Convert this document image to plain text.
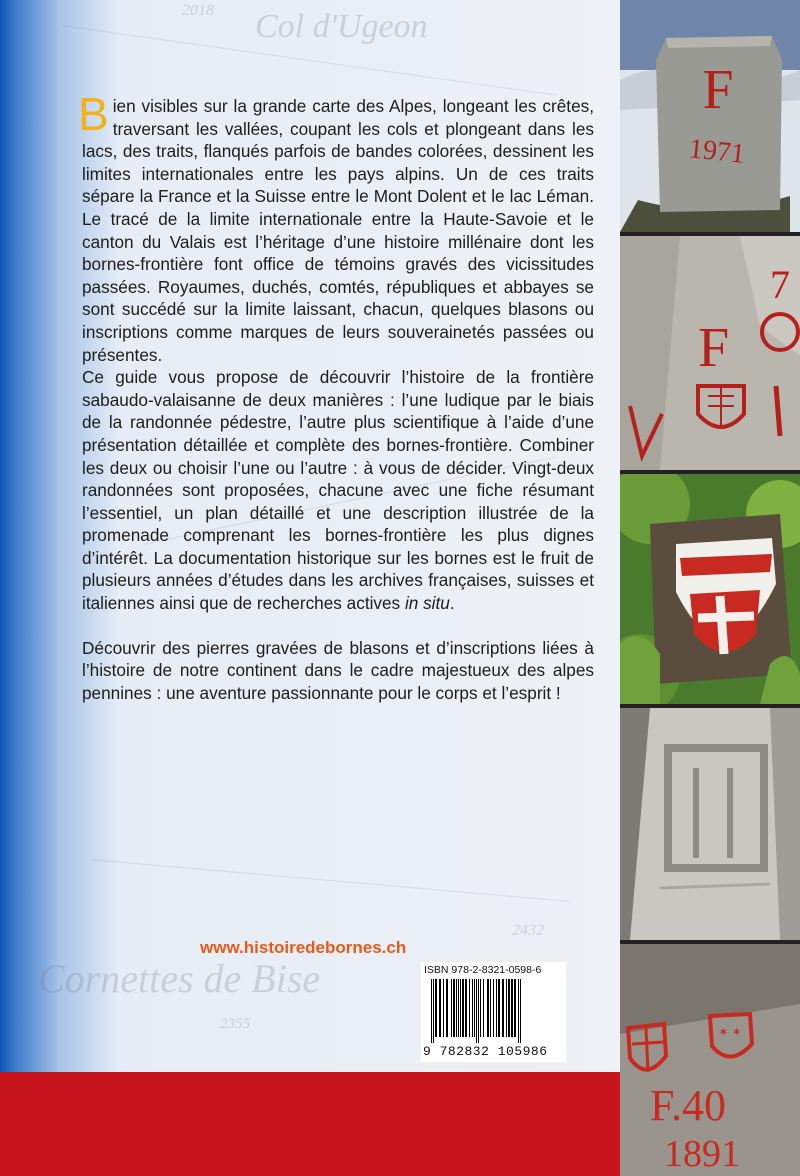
Col d'Ugeon
2018
Cornettes de Bise
2432
2355

Bien visibles sur la grande carte des Alpes, longeant les crêtes, traversant les vallées, coupant les cols et plongeant dans les lacs, des traits, flanqués parfois de bandes colorées, dessinent les limites internationales entre les pays alpins. Un de ces traits sépare la France et la Suisse entre le Mont Dolent et le lac Léman. Le tracé de la limite internationale entre la Haute-Savoie et le canton du Valais est l’héritage d’une histoire millénaire dont les bornes-frontière font office de témoins gravés des vicissitudes passées. Royaumes, duchés, comtés, républiques et abbayes se sont succédé sur la limite laissant, chacun, quelques blasons ou inscriptions comme marques de leurs souverainetés passées ou présentes.

Ce guide vous propose de découvrir l’histoire de la frontière sabaudo-valaisanne de deux manières : l’une ludique par le biais de la randonnée pédestre, l’autre plus scientifique à l’aide d’une présentation détaillée et complète des bornes-frontière. Combiner les deux ou choisir l’une ou l’autre : à vous de décider. Vingt-deux randonnées sont proposées, chacune avec une fiche résumant l’essentiel, un plan détaillé et une description illustrée de la promenade comprenant les bornes-frontière les plus dignes d’intérêt. La documentation historique sur les bornes est le fruit de plusieurs années d’études dans les archives françaises, suisses et italiennes ainsi que de recherches actives in situ.

Découvrir des pierres gravées de blasons et d’inscriptions liées à l’histoire de notre continent dans le cadre majestueux des alpes pennines : une aventure passionnante pour le corps et l’esprit !

www.histoiredebornes.ch
ISBN 978-2-8321-0598-6
9 782832 105986
F
1971
7
F
✶ ✶
F.40
1891
